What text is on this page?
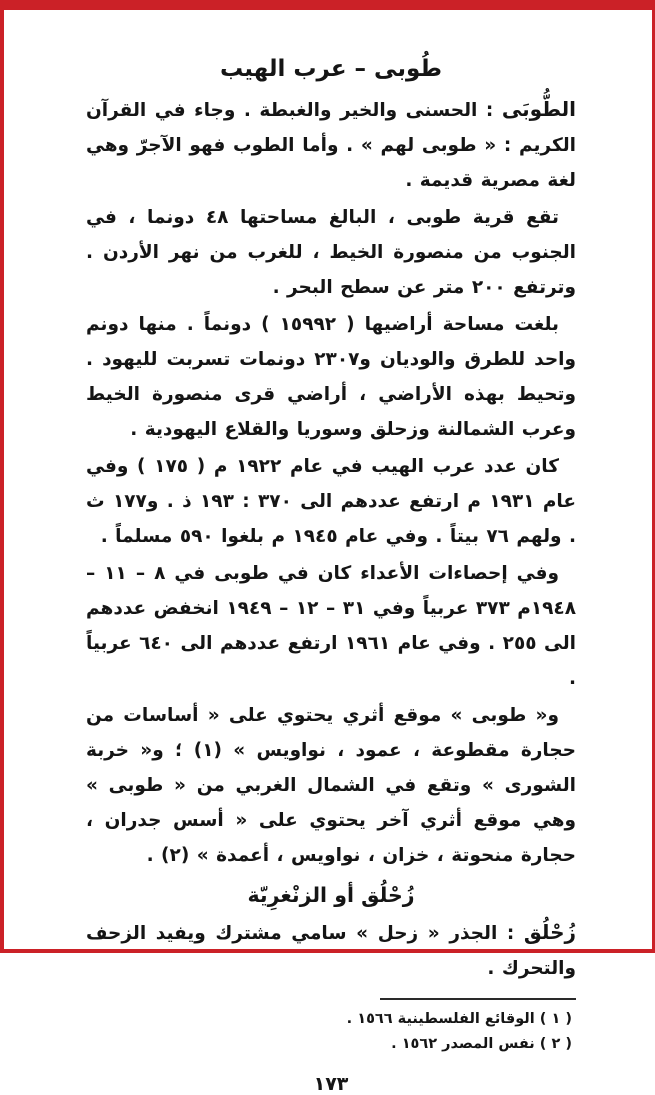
طُوبى – عرب الهيب
الطُّوبَى : الحسنى والخير والغبطة . وجاء في القرآن الكريم : « طوبى لهم » . وأما الطوب فهو الآجرّ وهي لغة مصرية قديمة .
تقع قرية طوبى ، البالغ مساحتها ٤٨ دونما ، في الجنوب من منصورة الخيط ، للغرب من نهر الأردن . وترتفع ٢٠٠ متر عن سطح البحر .
بلغت مساحة أراضيها ( ١٥٩٩٢ ) دونماً . منها دونم واحد للطرق والوديان و٢٣٠٧ دونمات تسربت لليهود . وتحيط بهذه الأراضي ، أراضي قرى منصورة الخيط وعرب الشمالنة وزحلق وسوريا والقلاع اليهودية .
كان عدد عرب الهيب في عام ١٩٢٢ م ( ١٧٥ ) وفي عام ١٩٣١ م ارتفع عددهم الى ٣٧٠ : ١٩٣ ذ . و١٧٧ ث . ولهم ٧٦ بيتاً . وفي عام ١٩٤٥ م بلغوا ٥٩٠ مسلماً .
وفي إحصاءات الأعداء كان في طوبى في ٨ – ١١ – ١٩٤٨م ٣٧٣ عربياً وفي ٣١ – ١٢ – ١٩٤٩ انخفض عددهم الى ٢٥٥ . وفي عام ١٩٦١ ارتفع عددهم الى ٦٤٠ عربياً .
و« طوبى » موقع أثري يحتوي على « أساسات من حجارة مقطوعة ، عمود ، نواويس » (١) ؛ و« خربة الشورى » وتقع في الشمال الغربي من « طوبى » وهي موقع أثري آخر يحتوي على « أسس جدران ، حجارة منحوتة ، خزان ، نواويس ، أعمدة » (٢) .
زُحْلُق أو الزنْغرِيّة
زُحْلُق : الجذر « زحل » سامي مشترك ويفيد الزحف والتحرك .
( ١ ) الوقائع الفلسطينية ١٥٦٦ .
( ٢ ) نفس المصدر ١٥٦٢ .
١٧٣
